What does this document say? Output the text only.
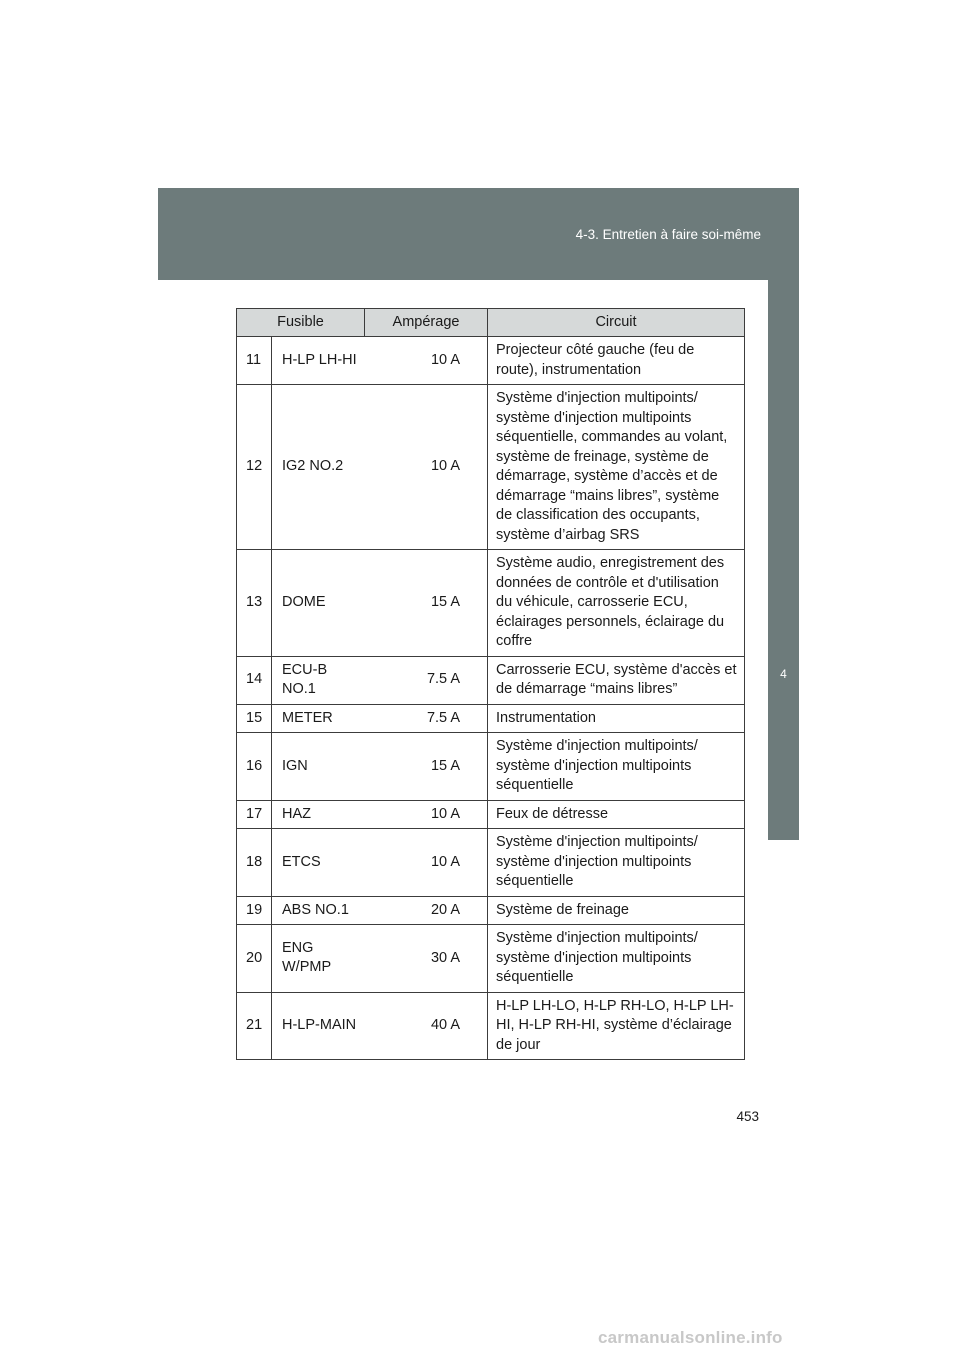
4-3. Entretien à faire soi-même
4
Entretien et soin
Fusible		Ampérage	Circuit
11	H-LP LH-HI	10 A	Projecteur côté gauche (feu de route), instrumentation
12	IG2 NO.2	10 A	Système d'injection multipoints/ système d'injection multipoints séquentielle, commandes au volant, système de freinage, système de démarrage, système d’accès et de démarrage “mains libres”, système de classification des occupants, système d’airbag SRS
13	DOME	15 A	Système audio, enregistrement des données de contrôle et d'utilisation du véhicule, carrosserie ECU, éclairages personnels, éclairage du coffre
14	ECU-B NO.1	7.5 A	Carrosserie ECU, système d'accès et de démarrage “mains libres”
15	METER	7.5 A	Instrumentation
16	IGN	15 A	Système d'injection multipoints/ système d'injection multipoints séquentielle
17	HAZ	10 A	Feux de détresse
18	ETCS	10 A	Système d'injection multipoints/ système d'injection multipoints séquentielle
19	ABS NO.1	20 A	Système de freinage
20	ENG W/PMP	30 A	Système d'injection multipoints/ système d'injection multipoints séquentielle
21	H-LP-MAIN	40 A	H-LP LH-LO, H-LP RH-LO, H-LP LH-HI, H-LP RH-HI, système d’éclairage de jour
453
carmanualsonline.info
